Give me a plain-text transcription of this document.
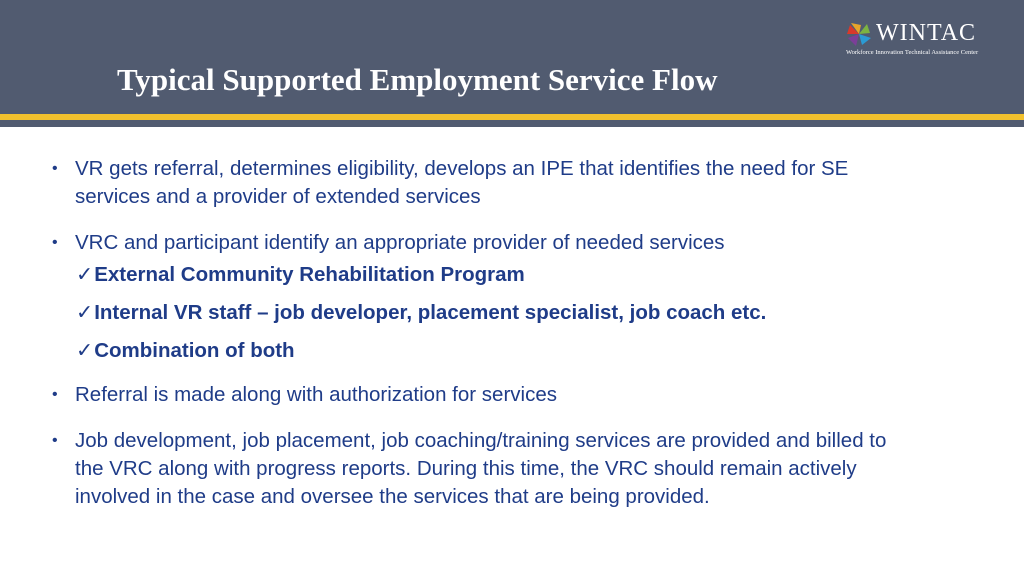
WINTAC
Workforce Innovation Technical Assistance Center
Typical Supported Employment Service Flow
• VR gets referral, determines eligibility, develops an IPE that identifies the need for SE services and a provider of extended services
• VRC and participant identify an appropriate provider of needed services
✓External Community Rehabilitation Program
✓Internal VR staff – job developer, placement specialist, job coach etc.
✓Combination of both
• Referral is made along with authorization for services
• Job development, job placement, job coaching/training services are provided and billed to the VRC along with progress reports. During this time, the VRC should remain actively involved in the case and oversee the services that are being provided.
